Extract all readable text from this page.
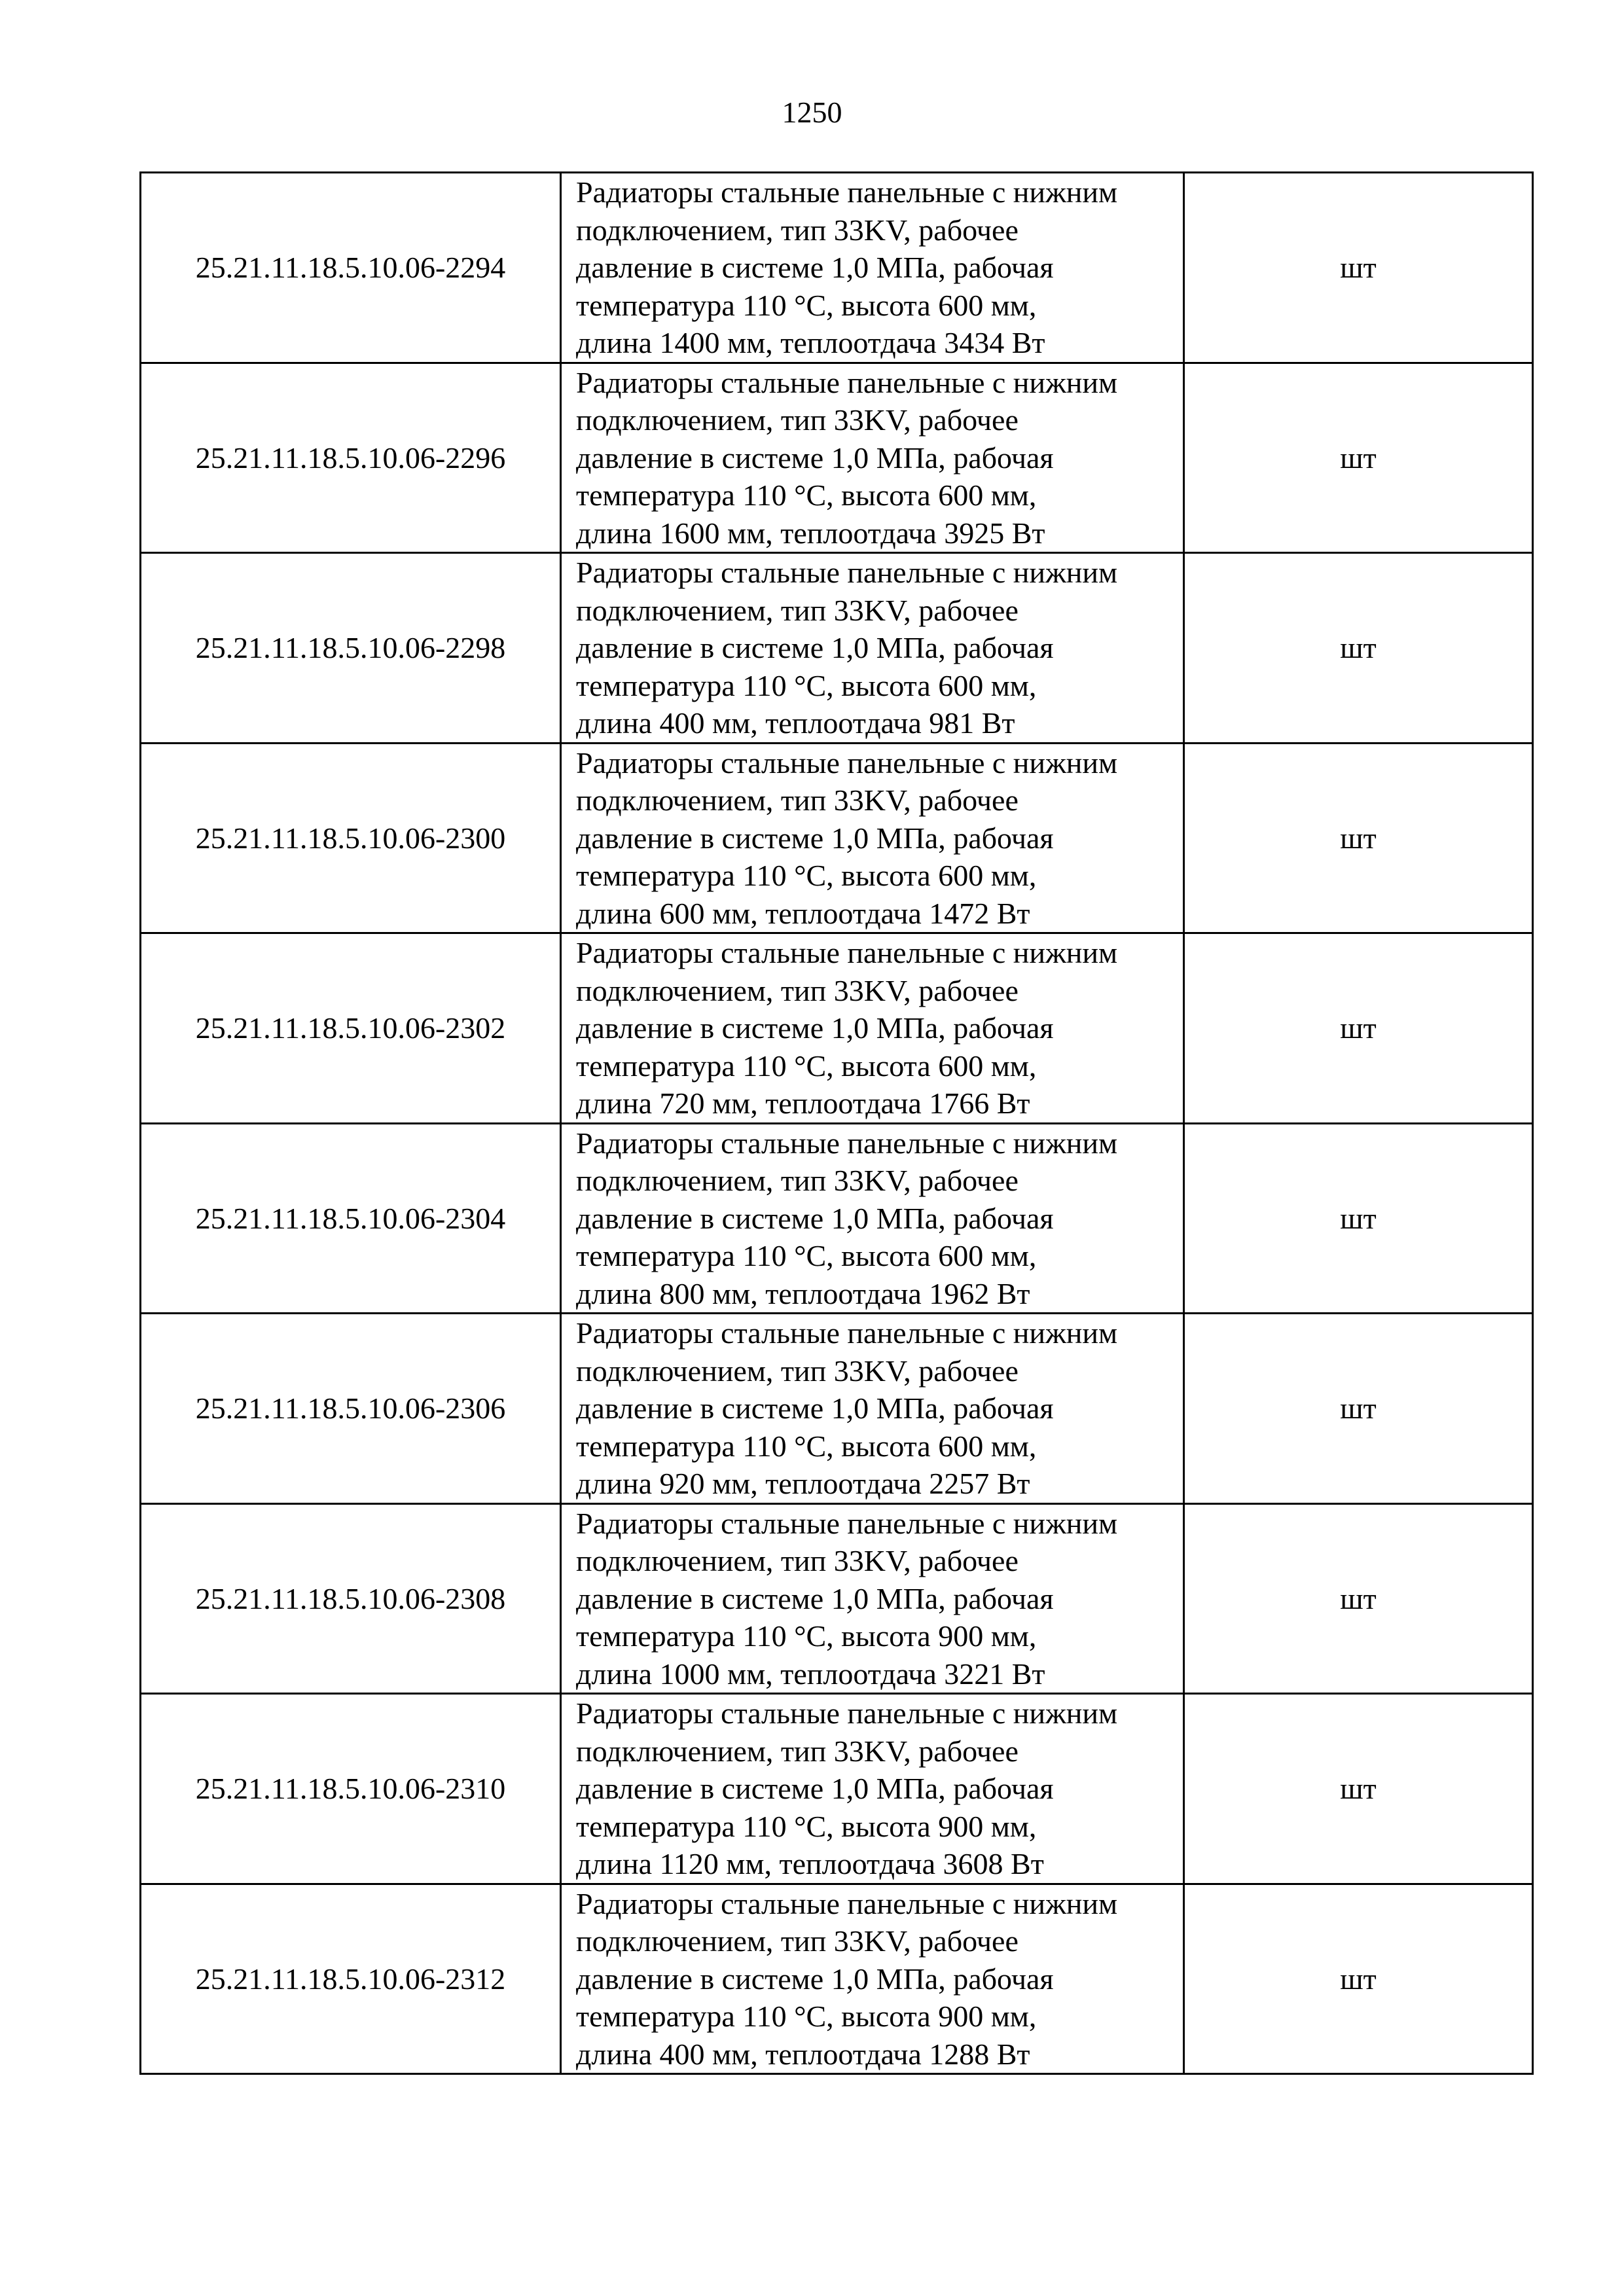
1250
25.21.11.18.5.10.06-2294	Радиаторы стальные панельные с нижним
подключением, тип 33KV, рабочее
давление в системе 1,0 МПа, рабочая
температура 110 °С, высота 600 мм,
длина 1400 мм, теплоотдача 3434 Вт	шт
25.21.11.18.5.10.06-2296	Радиаторы стальные панельные с нижним
подключением, тип 33KV, рабочее
давление в системе 1,0 МПа, рабочая
температура 110 °С, высота 600 мм,
длина 1600 мм, теплоотдача 3925 Вт	шт
25.21.11.18.5.10.06-2298	Радиаторы стальные панельные с нижним
подключением, тип 33KV, рабочее
давление в системе 1,0 МПа, рабочая
температура 110 °С, высота 600 мм,
длина 400 мм, теплоотдача 981 Вт	шт
25.21.11.18.5.10.06-2300	Радиаторы стальные панельные с нижним
подключением, тип 33KV, рабочее
давление в системе 1,0 МПа, рабочая
температура 110 °С, высота 600 мм,
длина 600 мм, теплоотдача 1472 Вт	шт
25.21.11.18.5.10.06-2302	Радиаторы стальные панельные с нижним
подключением, тип 33KV, рабочее
давление в системе 1,0 МПа, рабочая
температура 110 °С, высота 600 мм,
длина 720 мм, теплоотдача 1766 Вт	шт
25.21.11.18.5.10.06-2304	Радиаторы стальные панельные с нижним
подключением, тип 33KV, рабочее
давление в системе 1,0 МПа, рабочая
температура 110 °С, высота 600 мм,
длина 800 мм, теплоотдача 1962 Вт	шт
25.21.11.18.5.10.06-2306	Радиаторы стальные панельные с нижним
подключением, тип 33KV, рабочее
давление в системе 1,0 МПа, рабочая
температура 110 °С, высота 600 мм,
длина 920 мм, теплоотдача 2257 Вт	шт
25.21.11.18.5.10.06-2308	Радиаторы стальные панельные с нижним
подключением, тип 33KV, рабочее
давление в системе 1,0 МПа, рабочая
температура 110 °С, высота 900 мм,
длина 1000 мм, теплоотдача 3221 Вт	шт
25.21.11.18.5.10.06-2310	Радиаторы стальные панельные с нижним
подключением, тип 33KV, рабочее
давление в системе 1,0 МПа, рабочая
температура 110 °С, высота 900 мм,
длина 1120 мм, теплоотдача 3608 Вт	шт
25.21.11.18.5.10.06-2312	Радиаторы стальные панельные с нижним
подключением, тип 33KV, рабочее
давление в системе 1,0 МПа, рабочая
температура 110 °С, высота 900 мм,
длина 400 мм, теплоотдача 1288 Вт	шт
